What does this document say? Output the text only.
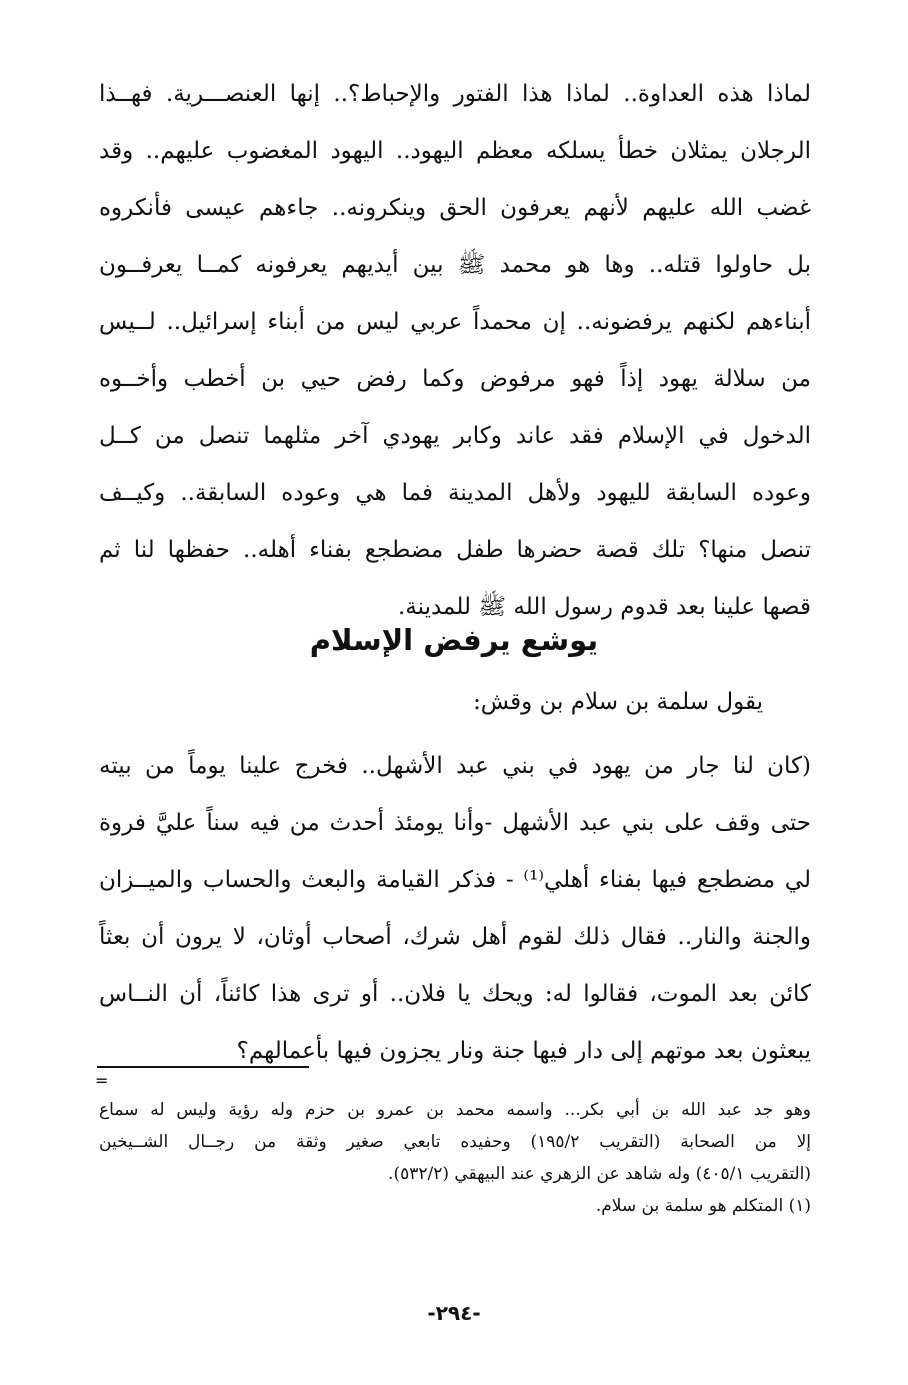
لماذا هذه العداوة.. لماذا هذا الفتور والإحباط؟.. إنها العنصـــرية. فهــذا
الرجلان يمثلان خطأ يسلكه معظم اليهود.. اليهود المغضوب عليهم.. وقد
غضب الله عليهم لأنهم يعرفون الحق وينكرونه.. جاءهم عيسى فأنكروه
بل حاولوا قتله.. وها هو محمد ﷺ بين أيديهم يعرفونه كمــا يعرفــون
أبناءهم لكنهم يرفضونه.. إن محمداً عربي ليس من أبناء إسرائيل.. لــيس
من سلالة يهود إذاً فهو مرفوض وكما رفض حيي بن أخطب وأخــوه
الدخول في الإسلام فقد عاند وكابر يهودي آخر مثلهما تنصل من كــل
وعوده السابقة لليهود ولأهل المدينة فما هي وعوده السابقة.. وكيــف
تنصل منها؟ تلك قصة حضرها طفل مضطجع بفناء أهله.. حفظها لنا ثم
قصها علينا بعد قدوم رسول الله ﷺ للمدينة.
يوشع يرفض الإسلام
يقول سلمة بن سلام بن وقش:
(كان لنا جار من يهود في بني عبد الأشهل.. فخرج علينا يوماً من بيته
حتى وقف على بني عبد الأشهل -وأنا يومئذ أحدث من فيه سناً عليَّ فروة
لي مضطجع فيها بفناء أهلي⁽¹⁾ - فذكر القيامة والبعث والحساب والميــزان
والجنة والنار.. فقال ذلك لقوم أهل شرك، أصحاب أوثان، لا يرون أن بعثاً
كائن بعد الموت، فقالوا له: ويحك يا فلان.. أو ترى هذا كائناً، أن النــاس
يبعثون بعد موتهم إلى دار فيها جنة ونار يجزون فيها بأعمالهم؟
=
وهو جد عبد الله بن أبي بكر... واسمه محمد بن عمرو بن حزم وله رؤية وليس له سماع
إلا من الصحابة (التقريب ١٩٥/٢) وحفيده تابعي صغير وثقة من رجــال الشــيخين
(التقريب ٤٠٥/١) وله شاهد عن الزهري عند البيهقي (٥٣٢/٢).
(١) المتكلم هو سلمة بن سلام.
-٢٩٤-
